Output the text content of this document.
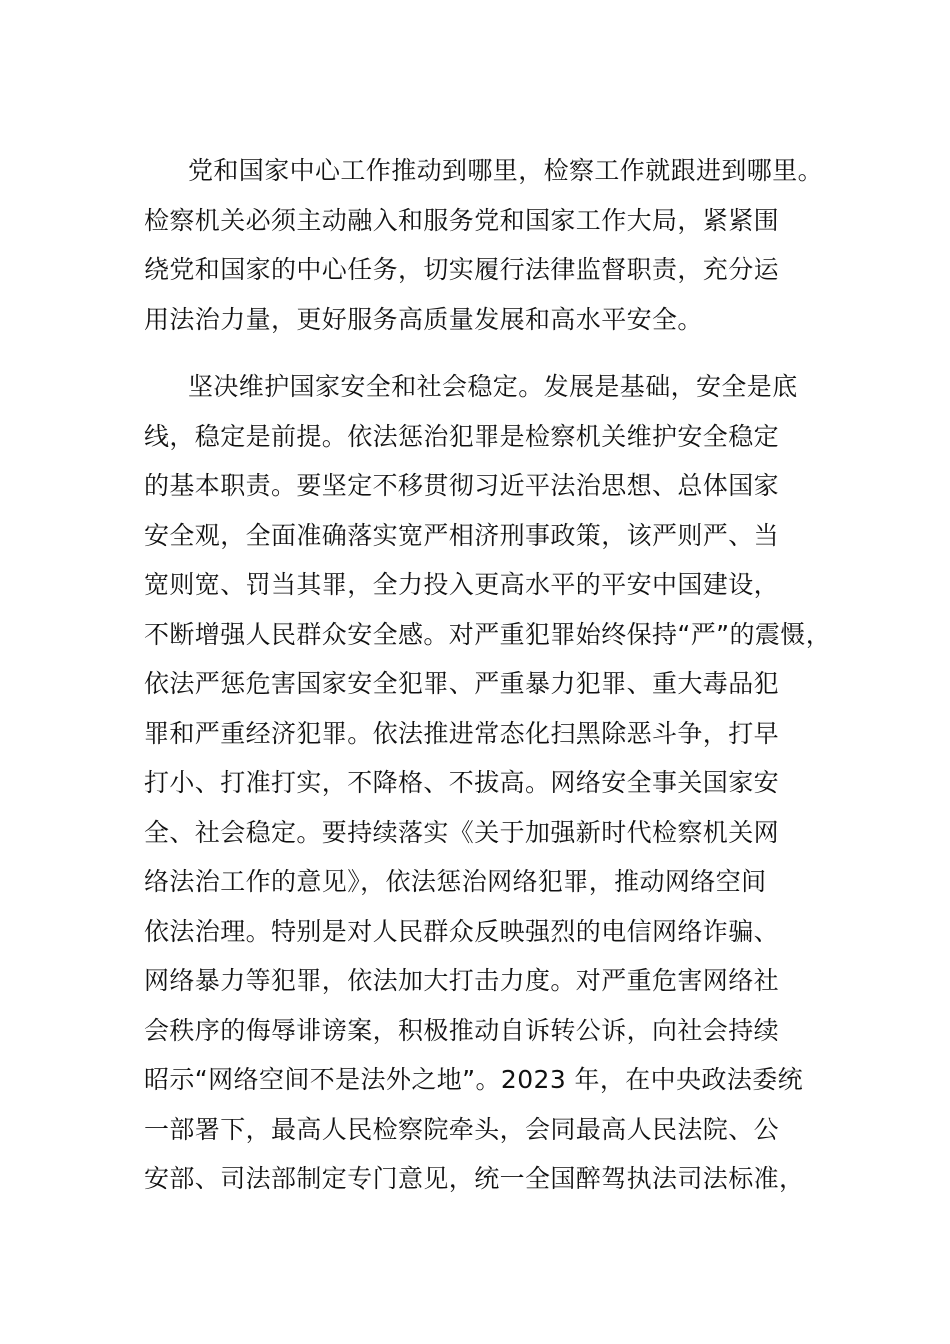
党和国家中心工作推动到哪里，检察工作就跟进到哪里。
检察机关必须主动融入和服务党和国家工作大局，紧紧围
绕党和国家的中心任务，切实履行法律监督职责，充分运
用法治力量，更好服务高质量发展和高水平安全。
坚决维护国家安全和社会稳定。发展是基础，安全是底
线，稳定是前提。依法惩治犯罪是检察机关维护安全稳定
的基本职责。要坚定不移贯彻习近平法治思想、总体国家
安全观，全面准确落实宽严相济刑事政策，该严则严、当
宽则宽、罚当其罪，全力投入更高水平的平安中国建设，
不断增强人民群众安全感。对严重犯罪始终保持“严”的震慑，
依法严惩危害国家安全犯罪、严重暴力犯罪、重大毒品犯
罪和严重经济犯罪。依法推进常态化扫黑除恶斗争，打早
打小、打准打实，不降格、不拔高。网络安全事关国家安
全、社会稳定。要持续落实《关于加强新时代检察机关网
络法治工作的意见》，依法惩治网络犯罪，推动网络空间
依法治理。特别是对人民群众反映强烈的电信网络诈骗、
网络暴力等犯罪，依法加大打击力度。对严重危害网络社
会秩序的侮辱诽谤案，积极推动自诉转公诉，向社会持续
昭示“网络空间不是法外之地”。2023 年，在中央政法委统
一部署下，最高人民检察院牵头，会同最高人民法院、公
安部、司法部制定专门意见，统一全国醉驾执法司法标准，
